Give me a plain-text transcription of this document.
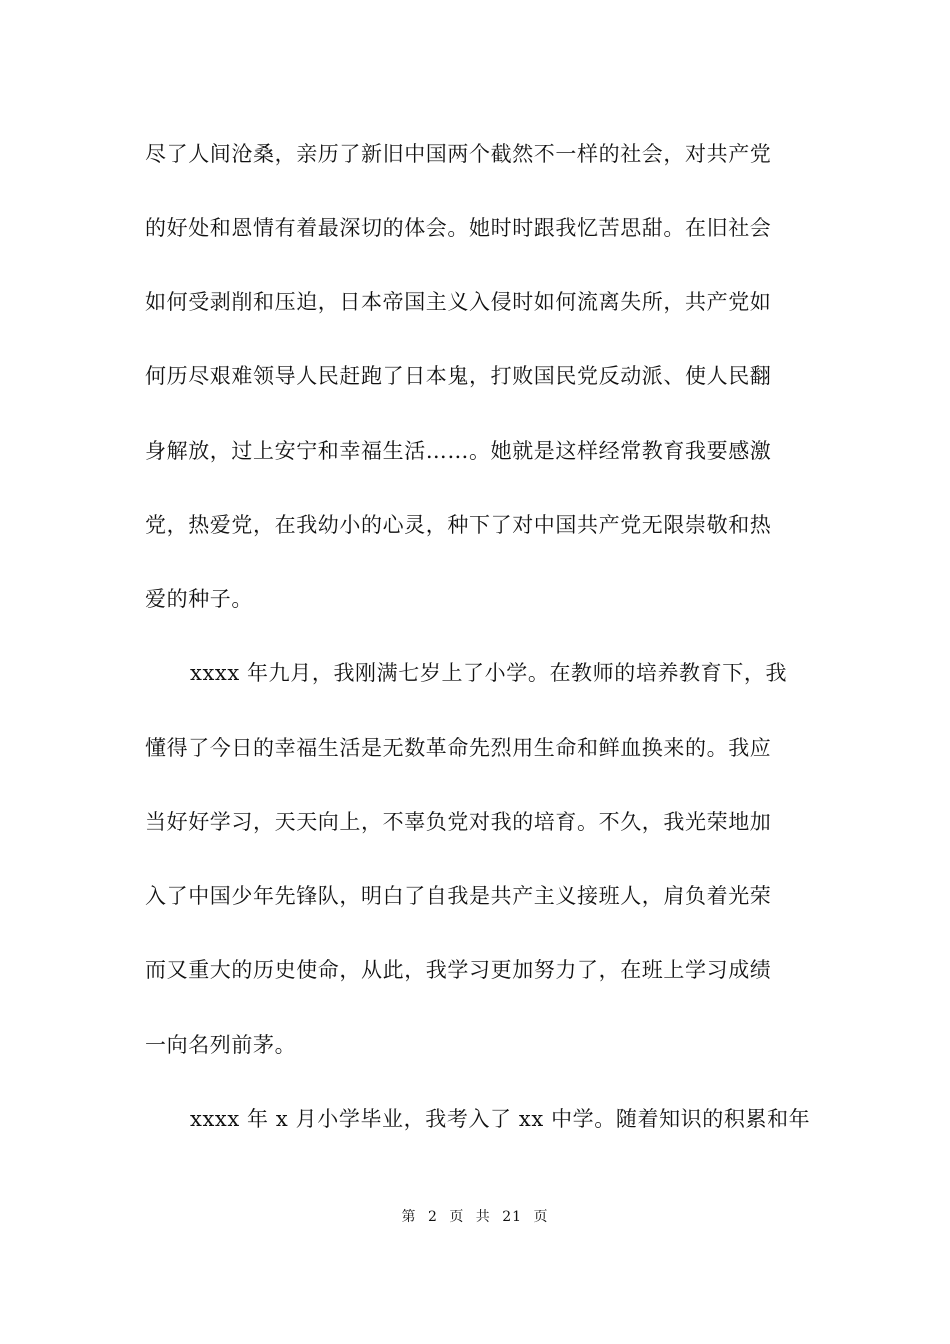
尽了人间沧桑，亲历了新旧中国两个截然不一样的社会，对共产党
的好处和恩情有着最深切的体会。她时时跟我忆苦思甜。在旧社会
如何受剥削和压迫，日本帝国主义入侵时如何流离失所，共产党如
何历尽艰难领导人民赶跑了日本鬼，打败国民党反动派、使人民翻
身解放，过上安宁和幸福生活……。她就是这样经常教育我要感激
党，热爱党，在我幼小的心灵，种下了对中国共产党无限崇敬和热
爱的种子。
xxxx 年九月，我刚满七岁上了小学。在教师的培养教育下，我
懂得了今日的幸福生活是无数革命先烈用生命和鲜血换来的。我应
当好好学习，天天向上，不辜负党对我的培育。不久，我光荣地加
入了中国少年先锋队，明白了自我是共产主义接班人，肩负着光荣
而又重大的历史使命，从此，我学习更加努力了，在班上学习成绩
一向名列前茅。
xxxx 年 x 月小学毕业，我考入了 xx 中学。随着知识的积累和年
第 2 页 共 21 页
